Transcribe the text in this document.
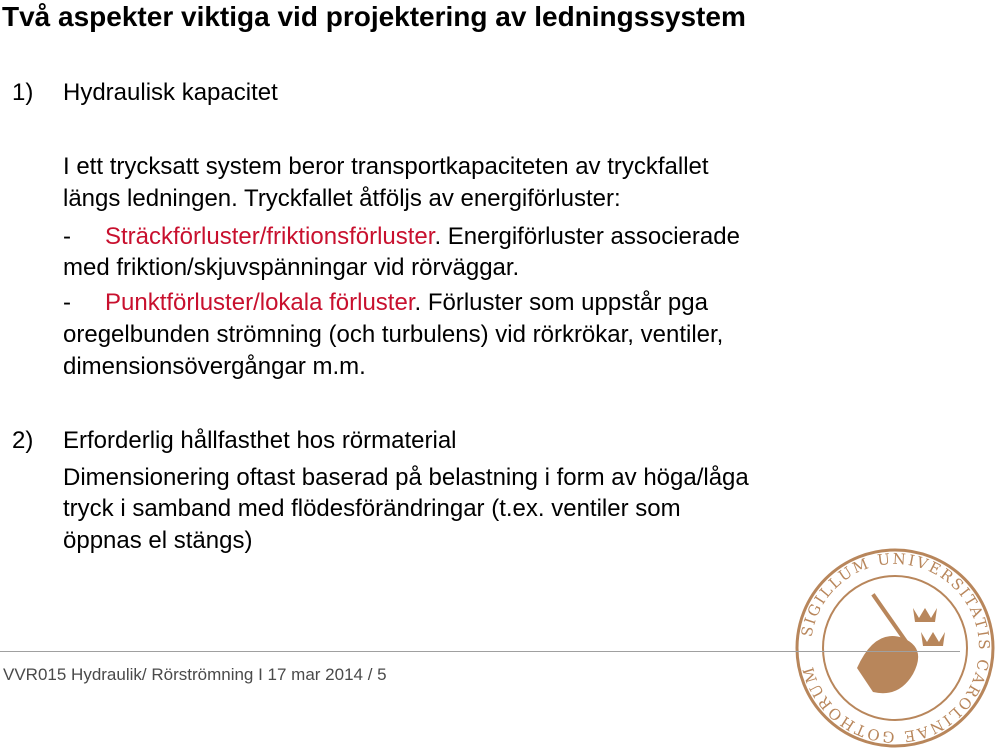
Två aspekter viktiga vid projektering av ledningssystem
1) Hydraulisk kapacitet
I ett trycksatt system beror transportkapaciteten av tryckfallet
längs ledningen. Tryckfallet åtföljs av energiförluster:
- Sträckförluster/friktionsförluster. Energiförluster associerade
med friktion/skjuvspänningar vid rörväggar.
- Punktförluster/lokala förluster. Förluster som uppstår pga
oregelbunden strömning (och turbulens) vid rörkrökar, ventiler,
dimensionsövergångar m.m.
2) Erforderlig hållfasthet hos rörmaterial
Dimensionering oftast baserad på belastning i form av höga/låga
tryck i samband med flödesförändringar (t.ex. ventiler som
öppnas el stängs)
SIGILLUM UNIVERSITATIS CAROLINAE GOTHORUM
VVR015 Hydraulik/ Rörströmning I 17 mar 2014 / 5
